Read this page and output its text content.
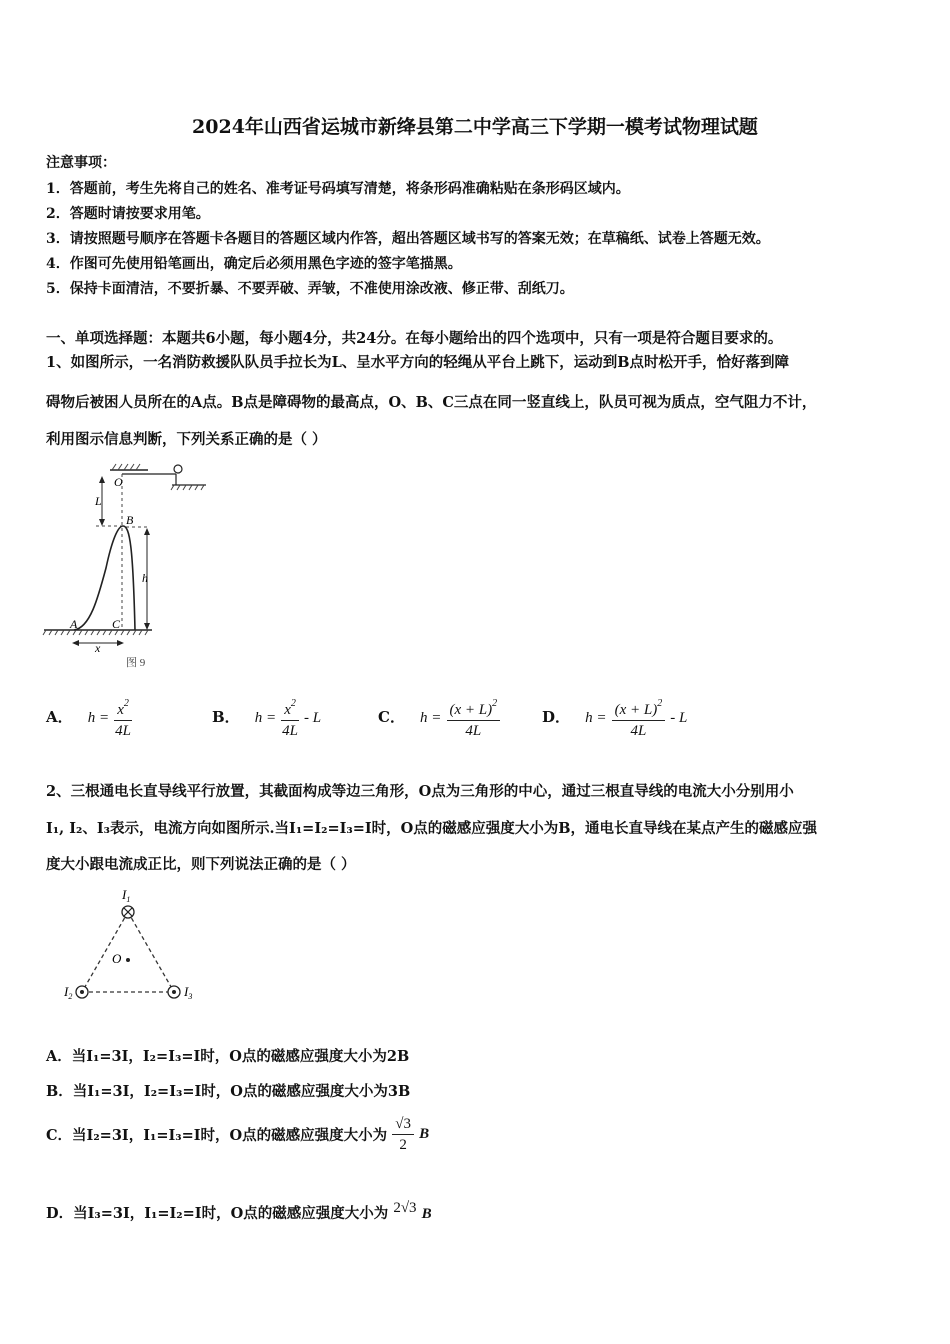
2024年山西省运城市新绛县第二中学高三下学期一模考试物理试题
注意事项：
1．答题前，考生先将自己的姓名、准考证号码填写清楚，将条形码准确粘贴在条形码区域内。
2．答题时请按要求用笔。
3．请按照题号顺序在答题卡各题目的答题区域内作答，超出答题区域书写的答案无效；在草稿纸、试卷上答题无效。
4．作图可先使用铅笔画出，确定后必须用黑色字迹的签字笔描黑。
5．保持卡面清洁，不要折暴、不要弄破、弄皱，不准使用涂改液、修正带、刮纸刀。
一、单项选择题：本题共6小题，每小题4分，共24分。在每小题给出的四个选项中，只有一项是符合题目要求的。
1、如图所示，一名消防救援队队员手拉长为L、呈水平方向的轻绳从平台上跳下，运动到B点时松开手，恰好落到障
碍物后被困人员所在的A点。B点是障碍物的最高点，O、B、C三点在同一竖直线上，队员可视为质点，空气阻力不计，
利用图示信息判断，下列关系正确的是（ ）
O
L
B
h
A	C
x
图 9
A． $h = \frac{x^2}{4L}$	B． $h = \frac{x^2}{4L} - L$	C． $h = \frac{(x + L)^2}{4L}$	D． $h = \frac{(x + L)^2}{4L} - L$
2、三根通电长直导线平行放置，其截面构成等边三角形，O点为三角形的中心，通过三根直导线的电流大小分别用小
I₁, I₂、I₃表示，电流方向如图所示.当I₁=I₂=I₃=I时，O点的磁感应强度大小为B，通电长直导线在某点产生的磁感应强
度大小跟电流成正比，则下列说法正确的是（ ）
O
$I_1$
$I_2$	$I_3$
A．当I₁=3I，I₂=I₃=I时，O点的磁感应强度大小为2B
B．当I₁=3I，I₂=I₃=I时，O点的磁感应强度大小为3B
C．当I₂=3I，I₁=I₃=I时，O点的磁感应强度大小为 $\frac{√3}{2}$ B
D．当I₃=3I，I₁=I₂=I时，O点的磁感应强度大小为 2√3 B
